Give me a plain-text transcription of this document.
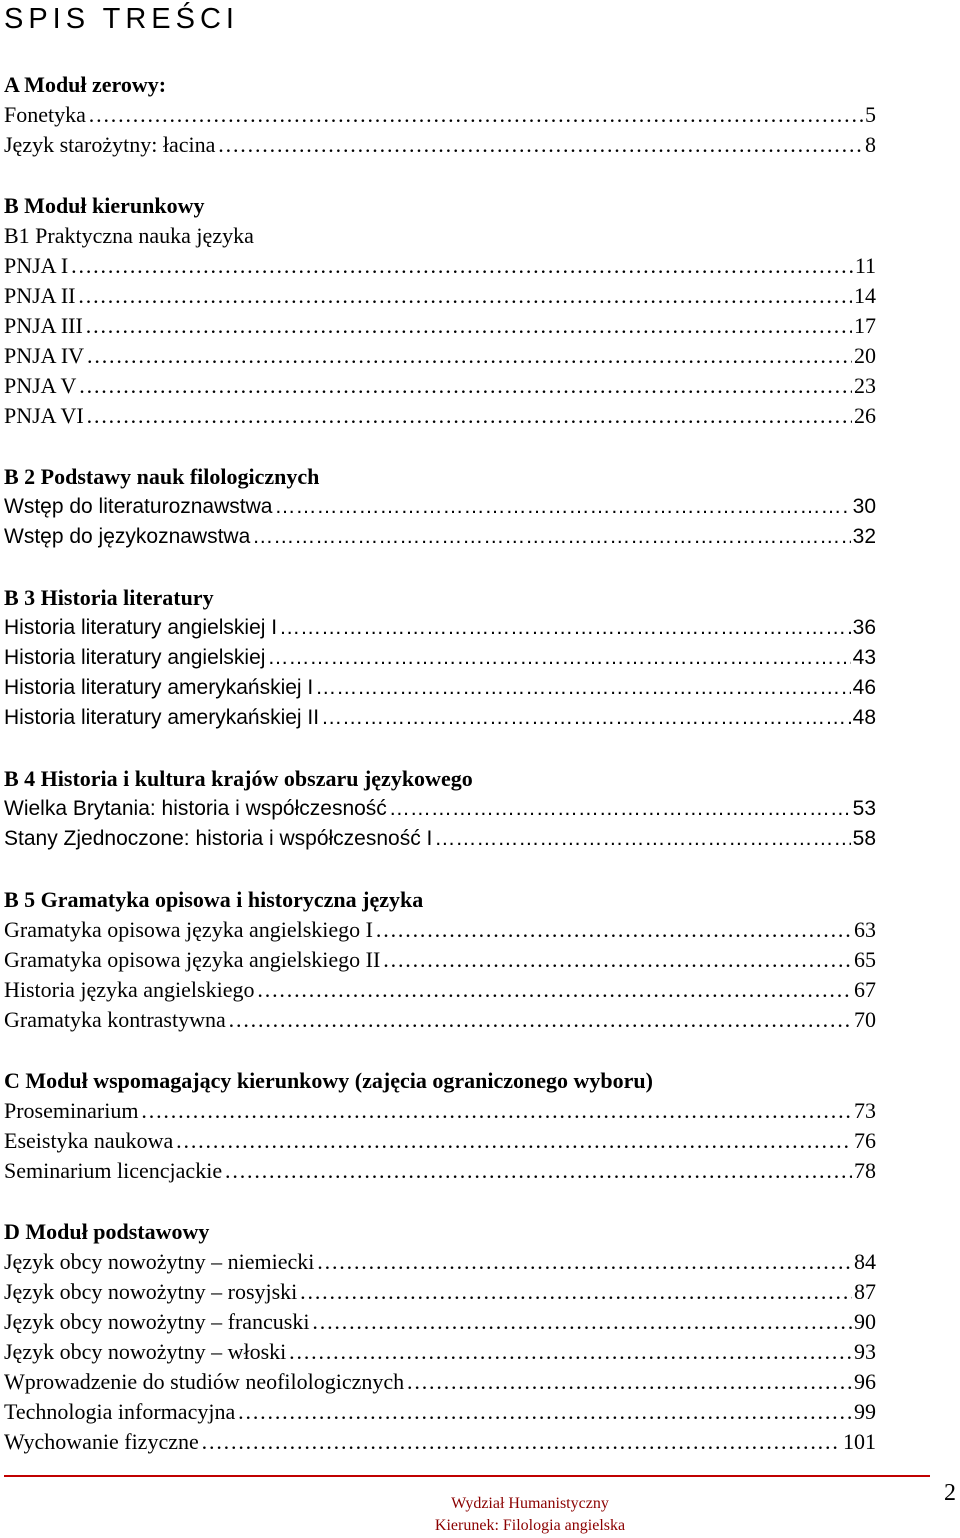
SPIS TREŚCI
A Moduł zerowy:
Fonetyka ………………………………………………………………………………………………………………………………………………………………………………………………………………	5
Język starożytny: łacina ………………………………………………………………………………………………………………………………………………………………………………………………………………	8
B Moduł kierunkowy
B1 Praktyczna nauka języka
PNJA I ………………………………………………………………………………………………………………………………………………………………………………………………………………	11
PNJA II ………………………………………………………………………………………………………………………………………………………………………………………………………………	14
PNJA III ………………………………………………………………………………………………………………………………………………………………………………………………………………	17
PNJA IV ………………………………………………………………………………………………………………………………………………………………………………………………………………	20
PNJA V ………………………………………………………………………………………………………………………………………………………………………………………………………………	23
PNJA VI ………………………………………………………………………………………………………………………………………………………………………………………………………………	26
B 2 Podstawy nauk filologicznych
Wstęp do literaturoznawstwa ………………………………………………………………………………………………………………………………………………………………………………………………………………	30
Wstęp do językoznawstwa ………………………………………………………………………………………………………………………………………………………………………………………………………………	32
B 3 Historia literatury
Historia literatury angielskiej I ………………………………………………………………………………………………………………………………………………………………………………………………………………	36
Historia literatury angielskiej ………………………………………………………………………………………………………………………………………………………………………………………………………………	43
Historia literatury amerykańskiej I ………………………………………………………………………………………………………………………………………………………………………………………………………………	46
Historia literatury amerykańskiej II ………………………………………………………………………………………………………………………………………………………………………………………………………………	48
B 4 Historia i kultura krajów obszaru językowego
Wielka Brytania: historia i współczesność ………………………………………………………………………………………………………………………………………………………………………………………………………………	53
Stany Zjednoczone: historia i współczesność I ………………………………………………………………………………………………………………………………………………………………………………………………………………	58
B 5 Gramatyka opisowa i historyczna języka
Gramatyka opisowa języka angielskiego I ………………………………………………………………………………………………………………………………………………………………………………………………………………	63
Gramatyka opisowa języka angielskiego II ………………………………………………………………………………………………………………………………………………………………………………………………………………	65
Historia języka angielskiego ………………………………………………………………………………………………………………………………………………………………………………………………………………	67
Gramatyka kontrastywna ………………………………………………………………………………………………………………………………………………………………………………………………………………	70
C Moduł wspomagający kierunkowy (zajęcia ograniczonego wyboru)
Proseminarium ………………………………………………………………………………………………………………………………………………………………………………………………………………	73
Eseistyka naukowa ………………………………………………………………………………………………………………………………………………………………………………………………………………	76
Seminarium licencjackie ………………………………………………………………………………………………………………………………………………………………………………………………………………	78
D Moduł podstawowy
Język obcy nowożytny – niemiecki ………………………………………………………………………………………………………………………………………………………………………………………………………………	84
Język obcy nowożytny – rosyjski ………………………………………………………………………………………………………………………………………………………………………………………………………………	87
Język obcy nowożytny – francuski ………………………………………………………………………………………………………………………………………………………………………………………………………………	90
Język obcy nowożytny – włoski ………………………………………………………………………………………………………………………………………………………………………………………………………………	93
Wprowadzenie do studiów neofilologicznych ………………………………………………………………………………………………………………………………………………………………………………………………………………	96
Technologia informacyjna ………………………………………………………………………………………………………………………………………………………………………………………………………………	99
Wychowanie fizyczne ………………………………………………………………………………………………………………………………………………………………………………………………………………	101
Wydział Humanistyczny
Kierunek: Filologia angielska
2
